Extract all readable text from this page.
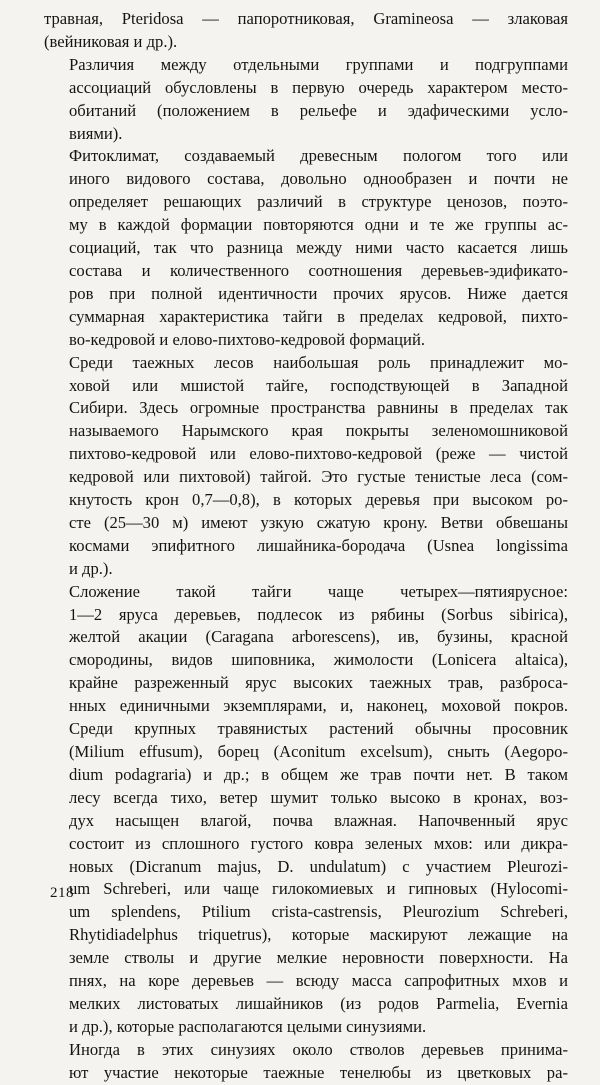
травная, Pteridosa — папоротниковая, Gramineosa — злаковая
(вейниковая и др.).

Различия между отдельными группами и подгруппами
ассоциаций обусловлены в первую очередь характером место-
обитаний (положением в рельефе и эдафическими усло-
виями).

Фитоклимат, создаваемый древесным пологом того или
иного видового состава, довольно однообразен и почти не
определяет решающих различий в структуре ценозов, поэто-
му в каждой формации повторяются одни и те же группы ас-
социаций, так что разница между ними часто касается лишь
состава и количественного соотношения деревьев-эдификато-
ров при полной идентичности прочих ярусов. Ниже дается
суммарная характеристика тайги в пределах кедровой, пихто-
во-кедровой и елово-пихтово-кедровой формаций.

Среди таежных лесов наибольшая роль принадлежит мо-
ховой или мшистой тайге, господствующей в Западной
Сибири. Здесь огромные пространства равнины в пределах так
называемого Нарымского края покрыты зеленомошниковой
пихтово-кедровой или елово-пихтово-кедровой (реже — чистой
кедровой или пихтовой) тайгой. Это густые тенистые леса (сом-
кнутость крон 0,7—0,8), в которых деревья при высоком ро-
сте (25—30 м) имеют узкую сжатую крону. Ветви обвешаны
космами эпифитного лишайника-бородача (Usnea longissima
и др.).

Сложение такой тайги чаще четырех—пятиярусное:
1—2 яруса деревьев, подлесок из рябины (Sorbus sibirica),
желтой акации (Caragana arborescens), ив, бузины, красной
смородины, видов шиповника, жимолости (Lonicera altaica),
крайне разреженный ярус высоких таежных трав, разброса-
нных единичными экземплярами, и, наконец, моховой покров.
Среди крупных травянистых растений обычны просовник
(Milium effusum), борец (Aconitum excelsum), сныть (Aegopo-
dium podagraria) и др.; в общем же трав почти нет. В таком
лесу всегда тихо, ветер шумит только высоко в кронах, воз-
дух насыщен влагой, почва влажная. Напочвенный ярус
состоит из сплошного густого ковра зеленых мхов: или дикра-
новых (Dicranum majus, D. undulatum) с участием Pleurozi-
um Schreberi, или чаще гилокомиевых и гипновых (Hylocomi-
um splendens, Ptilium crista-castrensis, Pleurozium Schreberi,
Rhytidiadelphus triquetrus), которые маскируют лежащие на
земле стволы и другие мелкие неровности поверхности. На
пнях, на коре деревьев — всюду масса сапрофитных мхов и
мелких листоватых лишайников (из родов Parmelia, Evernia
и др.), которые располагаются целыми синузиями.

Иногда в этих синузиях около стволов деревьев принима-
ют участие некоторые таежные тенелюбы из цветковых ра-

218
